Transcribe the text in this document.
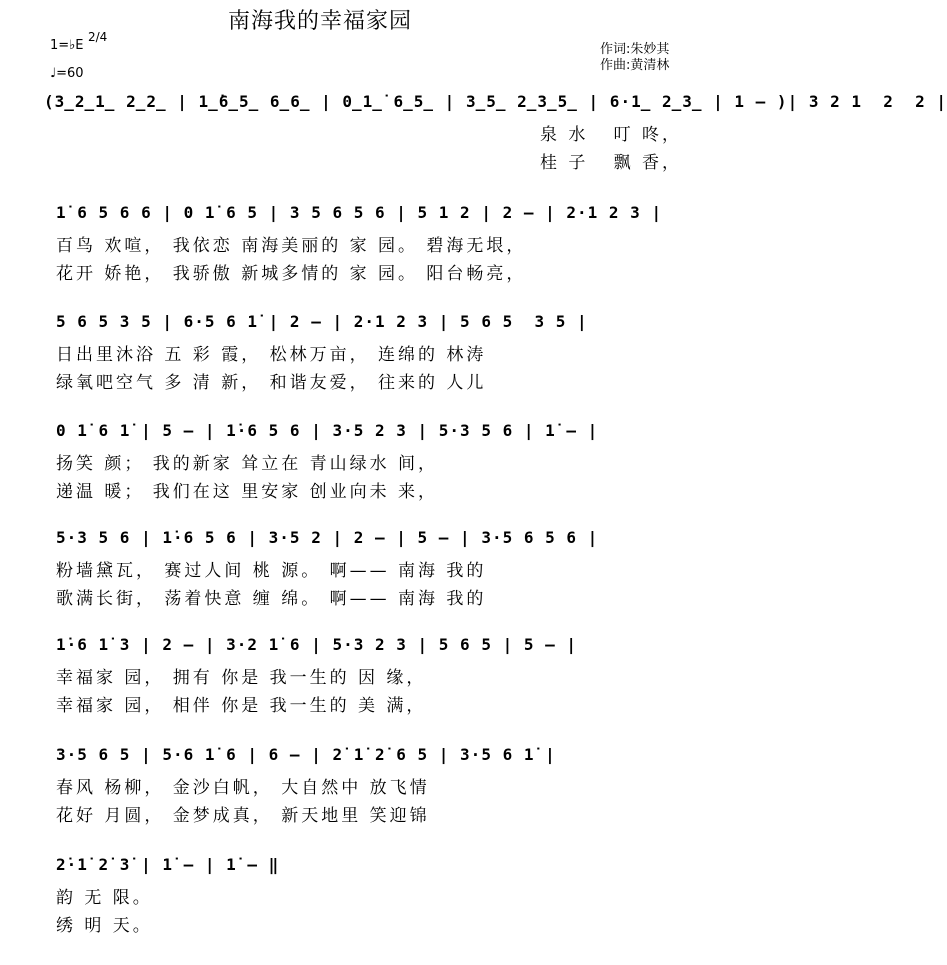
南海我的幸福家园
1=♭E
2/4
♩=60
作词:朱妙其
作曲:黄清林
(3̲2̲1̲ 2̲2̲ | 1̲̇6̲5̲ 6̲6̲ | 0̲1̲̇ 6̲5̲ | 3̲5̲ 2̲3̲5̲ | 6·1̲ 2̲3̲ | 1 – )| 3 2 1  2  2 |
泉 水   叮 咚，
桂 子   飘 香，
1̇ 6 5 6 6 | 0 1̇ 6 5 | 3 5 6 5 6 | 5 1 2 | 2 – | 2·1 2 3 |
百鸟 欢喧， 我依恋 南海美丽的 家 园。 碧海无垠，
花开 娇艳， 我骄傲 新城多情的 家 园。 阳台畅亮，
5 6 5 3 5 | 6·5 6 1̇ | 2 – | 2·1 2 3 | 5 6 5  3 5 |
日出里沐浴 五 彩 霞， 松林万亩， 连绵的 林涛
绿氧吧空气 多 清 新， 和谐友爱， 往来的 人儿
0 1̇ 6 1̇ | 5 – | 1̇·6 5 6 | 3·5 2 3 | 5·3 5 6 | 1̇ – |
扬笑 颜； 我的新家 耸立在 青山绿水 间，
递温 暖； 我们在这 里安家 创业向未 来，
5·3 5 6 | 1̇·6 5 6 | 3·5 2 | 2 – | 5 – | 3·5 6 5 6 |
粉墙黛瓦， 赛过人间 桃 源。 啊—— 南海 我的
歌满长街， 荡着快意 缠 绵。 啊—— 南海 我的
1̇·6 1̇ 3 | 2 – | 3·2 1̇ 6 | 5·3 2 3 | 5 6 5 | 5 – |
幸福家 园， 拥有 你是 我一生的 因 缘，
幸福家 园， 相伴 你是 我一生的 美 满，
3·5 6 5 | 5·6 1̇ 6 | 6 – | 2̇ 1̇ 2̇ 6 5 | 3·5 6 1̇ |
春风 杨柳， 金沙白帆， 大自然中 放飞情
花好 月圆， 金梦成真， 新天地里 笑迎锦
2̇·1̇ 2̇ 3̇ | 1̇ – | 1̇ – ‖
韵 无 限。
绣 明 天。
